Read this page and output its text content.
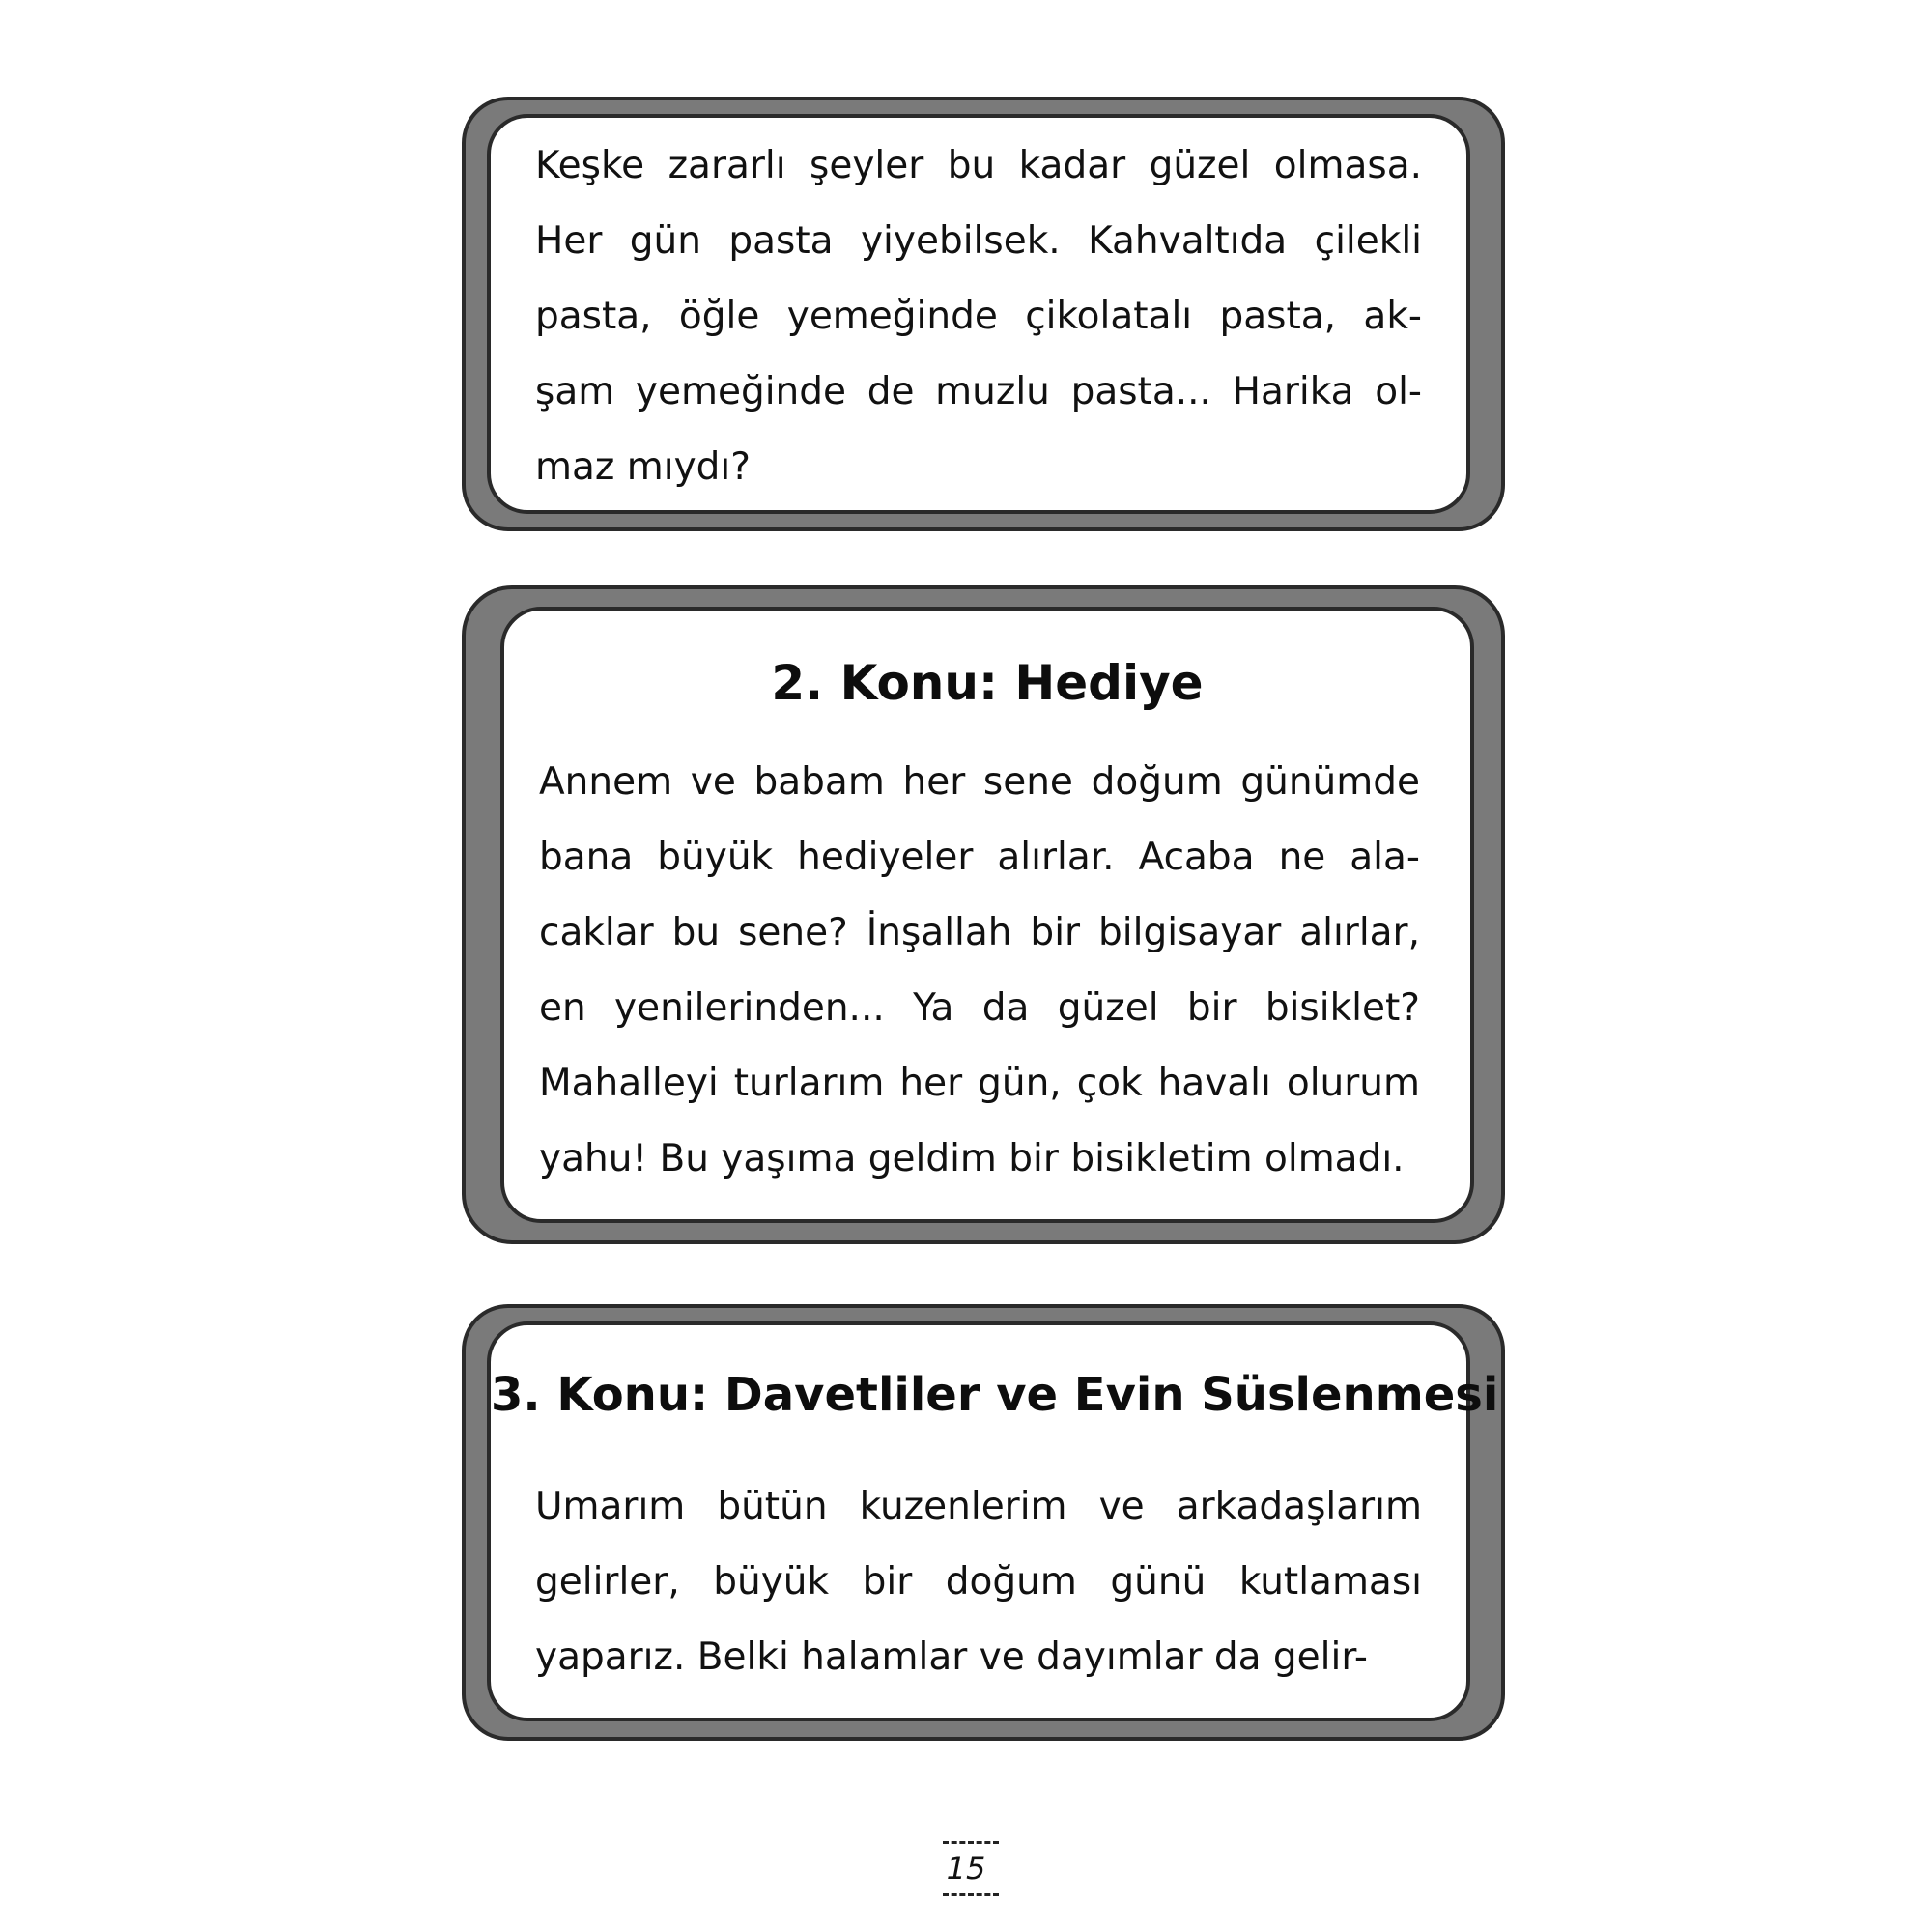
Keşke zararlı şeyler bu kadar güzel olmasa.
Her gün pasta yiyebilsek. Kahvaltıda çilekli
pasta, öğle yemeğinde çikolatalı pasta, ak-
şam yemeğinde de muzlu pasta... Harika ol-
maz mıydı?
2. Konu: Hediye
Annem ve babam her sene doğum günümde
bana büyük hediyeler alırlar. Acaba ne ala-
caklar bu sene? İnşallah bir bilgisayar alırlar,
en yenilerinden... Ya da güzel bir bisiklet?
Mahalleyi turlarım her gün, çok havalı olurum
yahu! Bu yaşıma geldim bir bisikletim olmadı.
3. Konu: Davetliler ve Evin Süslenmesi
Umarım bütün kuzenlerim ve arkadaşlarım
gelirler, büyük bir doğum günü kutlaması
yaparız. Belki halamlar ve dayımlar da gelir-
15
